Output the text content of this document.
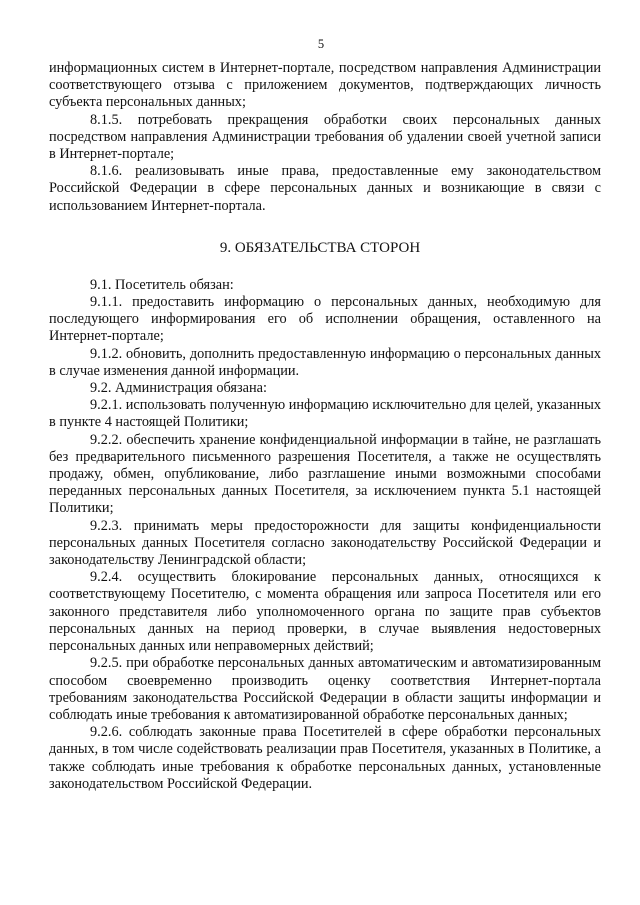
5

информационных систем в Интернет-портале, посредством направления Администрации соответствующего отзыва с приложением документов, подтверждающих личность субъекта персональных данных;

8.1.5. потребовать прекращения обработки своих персональных данных посредством направления Администрации требования об удалении своей учетной записи в Интернет-портале;

8.1.6. реализовывать иные права, предоставленные ему законодательством Российской Федерации в сфере персональных данных и возникающие в связи с использованием Интернет-портала.

9. ОБЯЗАТЕЛЬСТВА СТОРОН

9.1. Посетитель обязан:

9.1.1. предоставить информацию о персональных данных, необходимую для последующего информирования его об исполнении обращения, оставленного на Интернет-портале;

9.1.2. обновить, дополнить предоставленную информацию о персональных данных в случае изменения данной информации.

9.2. Администрация обязана:

9.2.1. использовать полученную информацию исключительно для целей, указанных в пункте 4 настоящей Политики;

9.2.2. обеспечить хранение конфиденциальной информации в тайне, не разглашать без предварительного письменного разрешения Посетителя, а также не осуществлять продажу, обмен, опубликование, либо разглашение иными возможными способами переданных персональных данных Посетителя, за исключением пункта 5.1 настоящей Политики;

9.2.3. принимать меры предосторожности для защиты конфиденциальности персональных данных Посетителя согласно законодательству Российской Федерации и законодательству Ленинградской области;

9.2.4. осуществить блокирование персональных данных, относящихся к соответствующему Посетителю, с момента обращения или запроса Посетителя или его законного представителя либо уполномоченного органа по защите прав субъектов персональных данных на период проверки, в случае выявления недостоверных персональных данных или неправомерных действий;

9.2.5. при обработке персональных данных автоматическим и автоматизированным способом своевременно производить оценку соответствия Интернет-портала требованиям законодательства Российской Федерации в области защиты информации и соблюдать иные требования к автоматизированной обработке персональных данных;

9.2.6. соблюдать законные права Посетителей в сфере обработки персональных данных, в том числе содействовать реализации прав Посетителя, указанных в Политике, а также соблюдать иные требования к обработке персональных данных, установленные законодательством Российской Федерации.
